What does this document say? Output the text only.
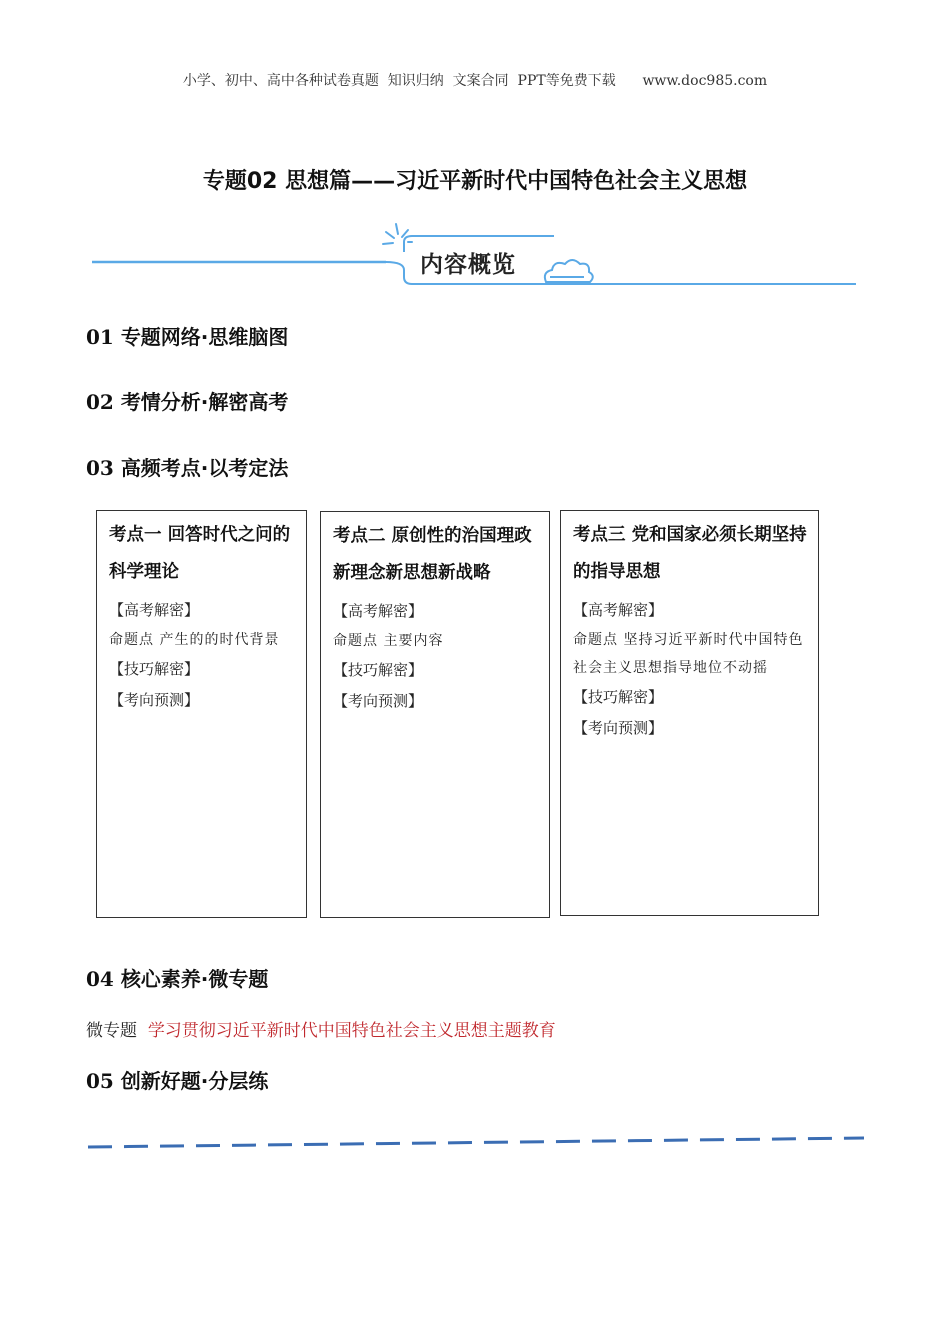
小学、初中、高中各种试卷真题  知识归纳  文案合同  PPT等免费下载      www.doc985.com
专题02 思想篇——习近平新时代中国特色社会主义思想
内容概览
01 专题网络·思维脑图
02 考情分析·解密高考
03 高频考点·以考定法
考点一 回答时代之问的科学理论
【高考解密】
命题点 产生的的时代背景
【技巧解密】
【考向预测】
考点二 原创性的治国理政新理念新思想新战略
【高考解密】
命题点 主要内容
【技巧解密】
【考向预测】
考点三 党和国家必须长期坚持的指导思想
【高考解密】
命题点 坚持习近平新时代中国特色社会主义思想指导地位不动摇
【技巧解密】
【考向预测】
04 核心素养·微专题
微专题  学习贯彻习近平新时代中国特色社会主义思想主题教育
05 创新好题·分层练
